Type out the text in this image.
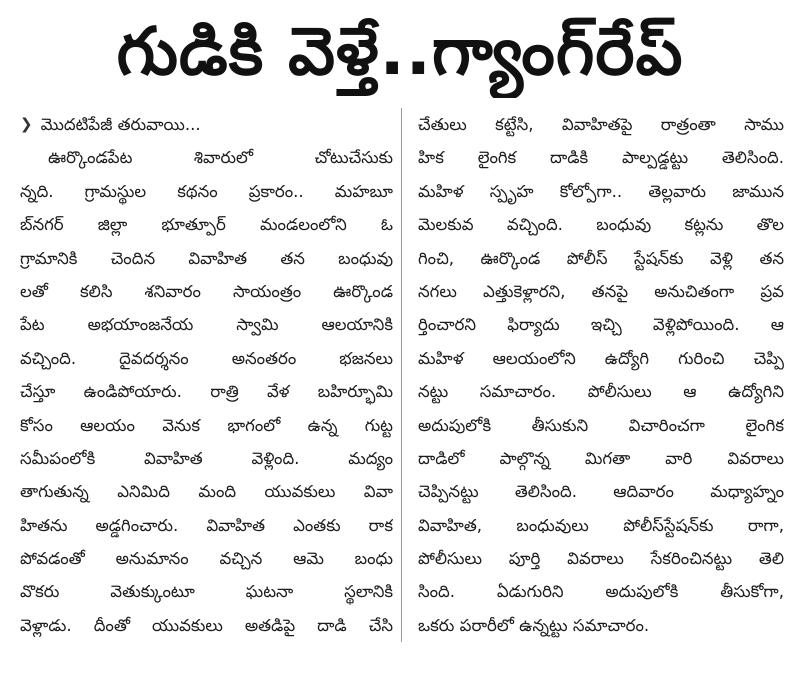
గుడికి వెళ్తే..గ్యాంగ్‌రేప్
❯ మొదటిపేజీ తరువాయి...
ఊర్కొండపేట శివారులో చోటుచేసుకు
న్నది. గ్రామస్థుల కథనం ప్రకారం.. మహబూ
బ్‌నగర్ జిల్లా భూత్పూర్ మండలంలోని ఓ
గ్రామానికి చెందిన వివాహిత తన బంధువు
లతో కలిసి శనివారం సాయంత్రం ఊర్కొండ
పేట అభయాంజనేయ స్వామి ఆలయానికి
వచ్చింది. దైవదర్శనం అనంతరం భజనలు
చేస్తూ ఉండిపోయారు. రాత్రి వేళ బహిర్భూమి
కోసం ఆలయం వెనుక భాగంలో ఉన్న గుట్ట
సమీపంలోకి వివాహిత వెళ్లింది. మద్యం
తాగుతున్న ఎనిమిది మంది యువకులు వివా
హితను అడ్డగించారు. వివాహిత ఎంతకు రాక
పోవడంతో అనుమానం వచ్చిన ఆమె బంధు
వొకరు వెతుక్కుంటూ ఘటనా స్థలానికి
వెళ్లాడు. దీంతో యువకులు అతడిపై దాడి చేసి
చేతులు కట్టేసి, వివాహితపై రాత్రంతా సాము
హిక లైంగిక దాడికి పాల్పడ్డట్టు తెలిసింది.
మహిళ స్పృహ కోల్పోగా.. తెల్లవారు జామున
మెలకువ వచ్చింది. బంధువు కట్లను తొల
గించి, ఊర్కొండ పోలీస్ స్టేషన్‌కు వెళ్లి తన
నగలు ఎత్తుకెళ్లారని, తనపై అనుచితంగా ప్రవ
ర్తించారని ఫిర్యాదు ఇచ్చి వెళ్లిపోయింది. ఆ
మహిళ ఆలయంలోని ఉద్యోగి గురించి చెప్పి
నట్టు సమాచారం. పోలీసులు ఆ ఉద్యోగిని
అదుపులోకి తీసుకుని విచారించగా లైంగిక
దాడిలో పాల్గొన్న మిగతా వారి వివరాలు
చెప్పినట్టు తెలిసింది. ఆదివారం మధ్యాహ్నం
వివాహిత, బంధువులు పోలీస్‌స్టేషన్‌కు రాగా,
పోలీసులు పూర్తి వివరాలు సేకరించినట్టు తెలి
సింది. ఏడుగురిని అదుపులోకి తీసుకోగా,
ఒకరు పరారీలో ఉన్నట్టు సమాచారం.
